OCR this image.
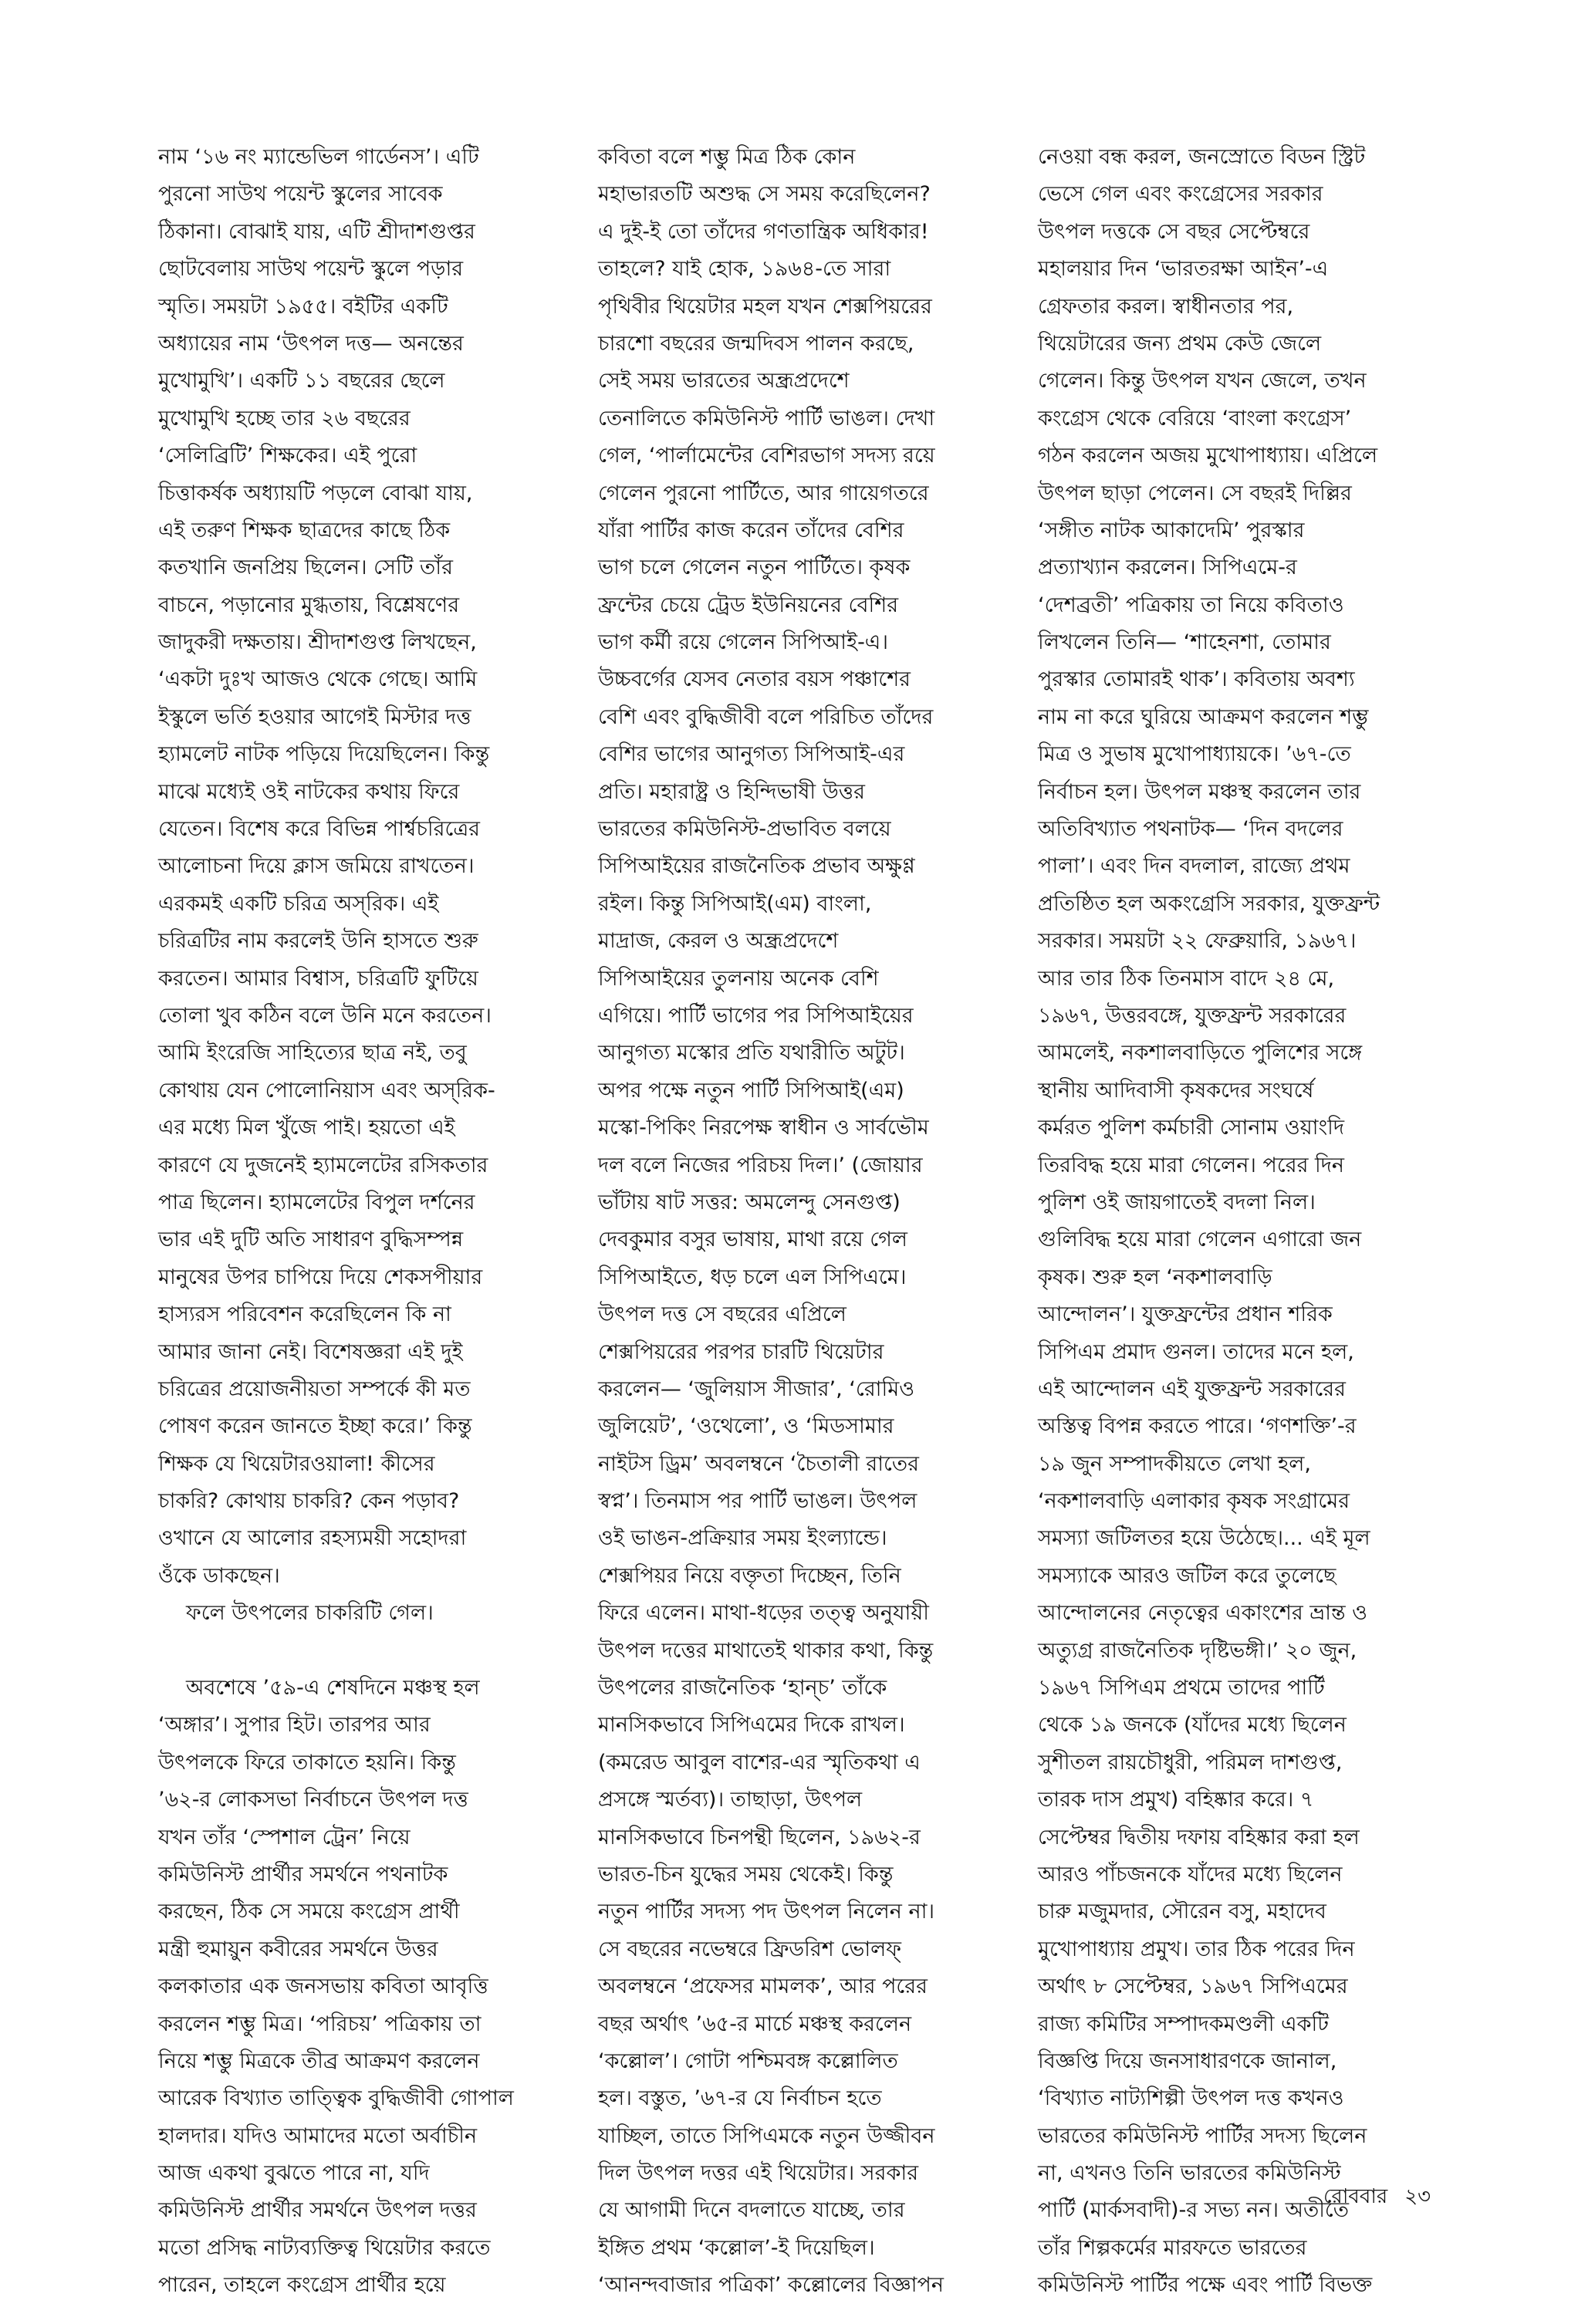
নাম ‘১৬ নং ম্যান্ডেভিল গার্ডেনস’। এটি
পুরনো সাউথ পয়েন্ট স্কুলের সাবেক
ঠিকানা। বোঝাই যায়, এটি শ্রীদাশগুপ্তর
ছোটবেলায় সাউথ পয়েন্ট স্কুলে পড়ার
স্মৃতি। সময়টা ১৯৫৫। বইটির একটি
অধ্যায়ের নাম ‘উৎপল দত্ত— অনন্তের
মুখোমুখি’। একটি ১১ বছরের ছেলে
মুখোমুখি হচ্ছে তার ২৬ বছরের
‘সেলিব্রিটি’ শিক্ষকের। এই পুরো
চিত্তাকর্ষক অধ্যায়টি পড়লে বোঝা যায়,
এই তরুণ শিক্ষক ছাত্রদের কাছে ঠিক
কতখানি জনপ্রিয় ছিলেন। সেটি তাঁর
বাচনে, পড়ানোর মুগ্ধতায়, বিশ্লেষণের
জাদুকরী দক্ষতায়। শ্রীদাশগুপ্ত লিখছেন,
‘একটা দুঃখ আজও থেকে গেছে। আমি
ইস্কুলে ভর্তি হওয়ার আগেই মিস্টার দত্ত
হ্যামলেট নাটক পড়িয়ে দিয়েছিলেন। কিন্তু
মাঝে মধ্যেই ওই নাটকের কথায় ফিরে
যেতেন। বিশেষ করে বিভিন্ন পার্শ্বচরিত্রের
আলোচনা দিয়ে ক্লাস জমিয়ে রাখতেন।
এরকমই একটি চরিত্র অস্‌রিক। এই
চরিত্রটির নাম করলেই উনি হাসতে শুরু
করতেন। আমার বিশ্বাস, চরিত্রটি ফুটিয়ে
তোলা খুব কঠিন বলে উনি মনে করতেন।
আমি ইংরেজি সাহিত্যের ছাত্র নই, তবু
কোথায় যেন পোলোনিয়াস এবং অস্‌রিক-
এর মধ্যে মিল খুঁজে পাই। হয়তো এই
কারণে যে দুজনেই হ্যামলেটের রসিকতার
পাত্র ছিলেন। হ্যামলেটের বিপুল দর্শনের
ভার এই দুটি অতি সাধারণ বুদ্ধিসম্পন্ন
মানুষের উপর চাপিয়ে দিয়ে শেকসপীয়ার
হাস্যরস পরিবেশন করেছিলেন কি না
আমার জানা নেই। বিশেষজ্ঞরা এই দুই
চরিত্রের প্রয়োজনীয়তা সম্পর্কে কী মত
পোষণ করেন জানতে ইচ্ছা করে।’ কিন্তু
শিক্ষক যে থিয়েটারওয়ালা! কীসের
চাকরি? কোথায় চাকরি? কেন পড়াব?
ওখানে যে আলোর রহস্যময়ী সহোদরা
ওঁকে ডাকছেন।
ফলে উৎপলের চাকরিটি গেল।
অবশেষে ’৫৯-এ শেষদিনে মঞ্চস্থ হল
‘অঙ্গার’। সুপার হিট। তারপর আর
উৎপলকে ফিরে তাকাতে হয়নি। কিন্তু
’৬২-র লোকসভা নির্বাচনে উৎপল দত্ত
যখন তাঁর ‘স্পেশাল ট্রেন’ নিয়ে
কমিউনিস্ট প্রার্থীর সমর্থনে পথনাটক
করছেন, ঠিক সে সময়ে কংগ্রেস প্রার্থী
মন্ত্রী হুমায়ুন কবীরের সমর্থনে উত্তর
কলকাতার এক জনসভায় কবিতা আবৃত্তি
করলেন শম্ভু মিত্র। ‘পরিচয়’ পত্রিকায় তা
নিয়ে শম্ভু মিত্রকে তীব্র আক্রমণ করলেন
আরেক বিখ্যাত তাত্ত্বিক বুদ্ধিজীবী গোপাল
হালদার। যদিও আমাদের মতো অর্বাচীন
আজ একথা বুঝতে পারে না, যদি
কমিউনিস্ট প্রার্থীর সমর্থনে উৎপল দত্তর
মতো প্রসিদ্ধ নাট্যব্যক্তিত্ব থিয়েটার করতে
পারেন, তাহলে কংগ্রেস প্রার্থীর হয়ে
কবিতা বলে শম্ভু মিত্র ঠিক কোন
মহাভারতটি অশুদ্ধ সে সময় করেছিলেন?
এ দুই-ই তো তাঁদের গণতান্ত্রিক অধিকার!
তাহলে? যাই হোক, ১৯৬৪-তে সারা
পৃথিবীর থিয়েটার মহল যখন শেক্সপিয়রের
চারশো বছরের জন্মদিবস পালন করছে,
সেই সময় ভারতের অন্ধ্রপ্রদেশে
তেনালিতে কমিউনিস্ট পার্টি ভাঙল। দেখা
গেল, ‘পার্লামেন্টের বেশিরভাগ সদস্য রয়ে
গেলেন পুরনো পার্টিতে, আর গায়েগতরে
যাঁরা পার্টির কাজ করেন তাঁদের বেশির
ভাগ চলে গেলেন নতুন পার্টিতে। কৃষক
ফ্রন্টের চেয়ে ট্রেড ইউনিয়নের বেশির
ভাগ কর্মী রয়ে গেলেন সিপিআই-এ।
উচ্চবর্গের যেসব নেতার বয়স পঞ্চাশের
বেশি এবং বুদ্ধিজীবী বলে পরিচিত তাঁদের
বেশির ভাগের আনুগত্য সিপিআই-এর
প্রতি। মহারাষ্ট্র ও হিন্দিভাষী উত্তর
ভারতের কমিউনিস্ট-প্রভাবিত বলয়ে
সিপিআইয়ের রাজনৈতিক প্রভাব অক্ষুণ্ণ
রইল। কিন্তু সিপিআই(এম) বাংলা,
মাদ্রাজ, কেরল ও অন্ধ্রপ্রদেশে
সিপিআইয়ের তুলনায় অনেক বেশি
এগিয়ে। পার্টি ভাগের পর সিপিআইয়ের
আনুগত্য মস্কোর প্রতি যথারীতি অটুট।
অপর পক্ষে নতুন পার্টি সিপিআই(এম)
মস্কো-পিকিং নিরপেক্ষ স্বাধীন ও সার্বভৌম
দল বলে নিজের পরিচয় দিল।’ (জোয়ার
ভাঁটায় ষাট সত্তর: অমলেন্দু সেনগুপ্ত)
দেবকুমার বসুর ভাষায়, মাথা রয়ে গেল
সিপিআইতে, ধড় চলে এল সিপিএমে।
উৎপল দত্ত সে বছরের এপ্রিলে
শেক্সপিয়রের পরপর চারটি থিয়েটার
করলেন— ‘জুলিয়াস সীজার’, ‘রোমিও
জুলিয়েট’, ‘ওথেলো’, ও ‘মিডসামার
নাইটস ড্রিম’ অবলম্বনে ‘চৈতালী রাতের
স্বপ্ন’। তিনমাস পর পার্টি ভাঙল। উৎপল
ওই ভাঙন-প্রক্রিয়ার সময় ইংল্যান্ডে।
শেক্সপিয়র নিয়ে বক্তৃতা দিচ্ছেন, তিনি
ফিরে এলেন। মাথা-ধড়ের তত্ত্ব অনুযায়ী
উৎপল দত্তের মাথাতেই থাকার কথা, কিন্তু
উৎপলের রাজনৈতিক ‘হান্‌চ’ তাঁকে
মানসিকভাবে সিপিএমের দিকে রাখল।
(কমরেড আবুল বাশের-এর স্মৃতিকথা এ
প্রসঙ্গে স্মর্তব্য)। তাছাড়া, উৎপল
মানসিকভাবে চিনপন্থী ছিলেন, ১৯৬২-র
ভারত-চিন যুদ্ধের সময় থেকেই। কিন্তু
নতুন পার্টির সদস্য পদ উৎপল নিলেন না।
সে বছরের নভেম্বরে ফ্রিডরিশ ভোলফ্‌
অবলম্বনে ‘প্রফেসর মামলক’, আর পরের
বছর অর্থাৎ ’৬৫-র মার্চে মঞ্চস্থ করলেন
‘কল্লোল’। গোটা পশ্চিমবঙ্গ কল্লোলিত
হল। বস্তুত, ’৬৭-র যে নির্বাচন হতে
যাচ্ছিল, তাতে সিপিএমকে নতুন উজ্জীবন
দিল উৎপল দত্তর এই থিয়েটার। সরকার
যে আগামী দিনে বদলাতে যাচ্ছে, তার
ইঙ্গিত প্রথম ‘কল্লোল’-ই দিয়েছিল।
‘আনন্দবাজার পত্রিকা’ কল্লোলের বিজ্ঞাপন
নেওয়া বন্ধ করল, জনস্রোতে বিডন স্ট্রিট
ভেসে গেল এবং কংগ্রেসের সরকার
উৎপল দত্তকে সে বছর সেপ্টেম্বরে
মহালয়ার দিন ‘ভারতরক্ষা আইন’-এ
গ্রেফতার করল। স্বাধীনতার পর,
থিয়েটারের জন্য প্রথম কেউ জেলে
গেলেন। কিন্তু উৎপল যখন জেলে, তখন
কংগ্রেস থেকে বেরিয়ে ‘বাংলা কংগ্রেস’
গঠন করলেন অজয় মুখোপাধ্যায়। এপ্রিলে
উৎপল ছাড়া পেলেন। সে বছরই দিল্লির
‘সঙ্গীত নাটক আকাদেমি’ পুরস্কার
প্রত্যাখ্যান করলেন। সিপিএমে-র
‘দেশব্রতী’ পত্রিকায় তা নিয়ে কবিতাও
লিখলেন তিনি— ‘শাহেনশা, তোমার
পুরস্কার তোমারই থাক’। কবিতায় অবশ্য
নাম না করে ঘুরিয়ে আক্রমণ করলেন শম্ভু
মিত্র ও সুভাষ মুখোপাধ্যায়কে। ’৬৭-তে
নির্বাচন হল। উৎপল মঞ্চস্থ করলেন তার
অতিবিখ্যাত পথনাটক— ‘দিন বদলের
পালা’। এবং দিন বদলাল, রাজ্যে প্রথম
প্রতিষ্ঠিত হল অকংগ্রেসি সরকার, যুক্তফ্রন্ট
সরকার। সময়টা ২২ ফেব্রুয়ারি, ১৯৬৭।
আর তার ঠিক তিনমাস বাদে ২৪ মে,
১৯৬৭, উত্তরবঙ্গে, যুক্তফ্রন্ট সরকারের
আমলেই, নকশালবাড়িতে পুলিশের সঙ্গে
স্থানীয় আদিবাসী কৃষকদের সংঘর্ষে
কর্মরত পুলিশ কর্মচারী সোনাম ওয়াংদি
তিরবিদ্ধ হয়ে মারা গেলেন। পরের দিন
পুলিশ ওই জায়গাতেই বদলা নিল।
গুলিবিদ্ধ হয়ে মারা গেলেন এগারো জন
কৃষক। শুরু হল ‘নকশালবাড়ি
আন্দোলন’। যুক্তফ্রন্টের প্রধান শরিক
সিপিএম প্রমাদ গুনল। তাদের মনে হল,
এই আন্দোলন এই যুক্তফ্রন্ট সরকারের
অস্তিত্ব বিপন্ন করতে পারে। ‘গণশক্তি’-র
১৯ জুন সম্পাদকীয়তে লেখা হল,
‘নকশালবাড়ি এলাকার কৃষক সংগ্রামের
সমস্যা জটিলতর হয়ে উঠেছে।... এই মূল
সমস্যাকে আরও জটিল করে তুলেছে
আন্দোলনের নেতৃত্বের একাংশের ভ্রান্ত ও
অত্যুগ্র রাজনৈতিক দৃষ্টিভঙ্গী।’ ২০ জুন,
১৯৬৭ সিপিএম প্রথমে তাদের পার্টি
থেকে ১৯ জনকে (যাঁদের মধ্যে ছিলেন
সুশীতল রায়চৌধুরী, পরিমল দাশগুপ্ত,
তারক দাস প্রমুখ) বহিষ্কার করে। ৭
সেপ্টেম্বর দ্বিতীয় দফায় বহিষ্কার করা হল
আরও পাঁচজনকে যাঁদের মধ্যে ছিলেন
চারু মজুমদার, সৌরেন বসু, মহাদেব
মুখোপাধ্যায় প্রমুখ। তার ঠিক পরের দিন
অর্থাৎ ৮ সেপ্টেম্বর, ১৯৬৭ সিপিএমের
রাজ্য কমিটির সম্পাদকমণ্ডলী একটি
বিজ্ঞপ্তি দিয়ে জনসাধারণকে জানাল,
‘বিখ্যাত নাট্যশিল্পী উৎপল দত্ত কখনও
ভারতের কমিউনিস্ট পার্টির সদস্য ছিলেন
না, এখনও তিনি ভারতের কমিউনিস্ট
পার্টি (মার্কসবাদী)-র সভ্য নন। অতীতে
তাঁর শিল্পকর্মের মারফতে ভারতের
কমিউনিস্ট পার্টির পক্ষে এবং পার্টি বিভক্ত
রোববার ২৩
